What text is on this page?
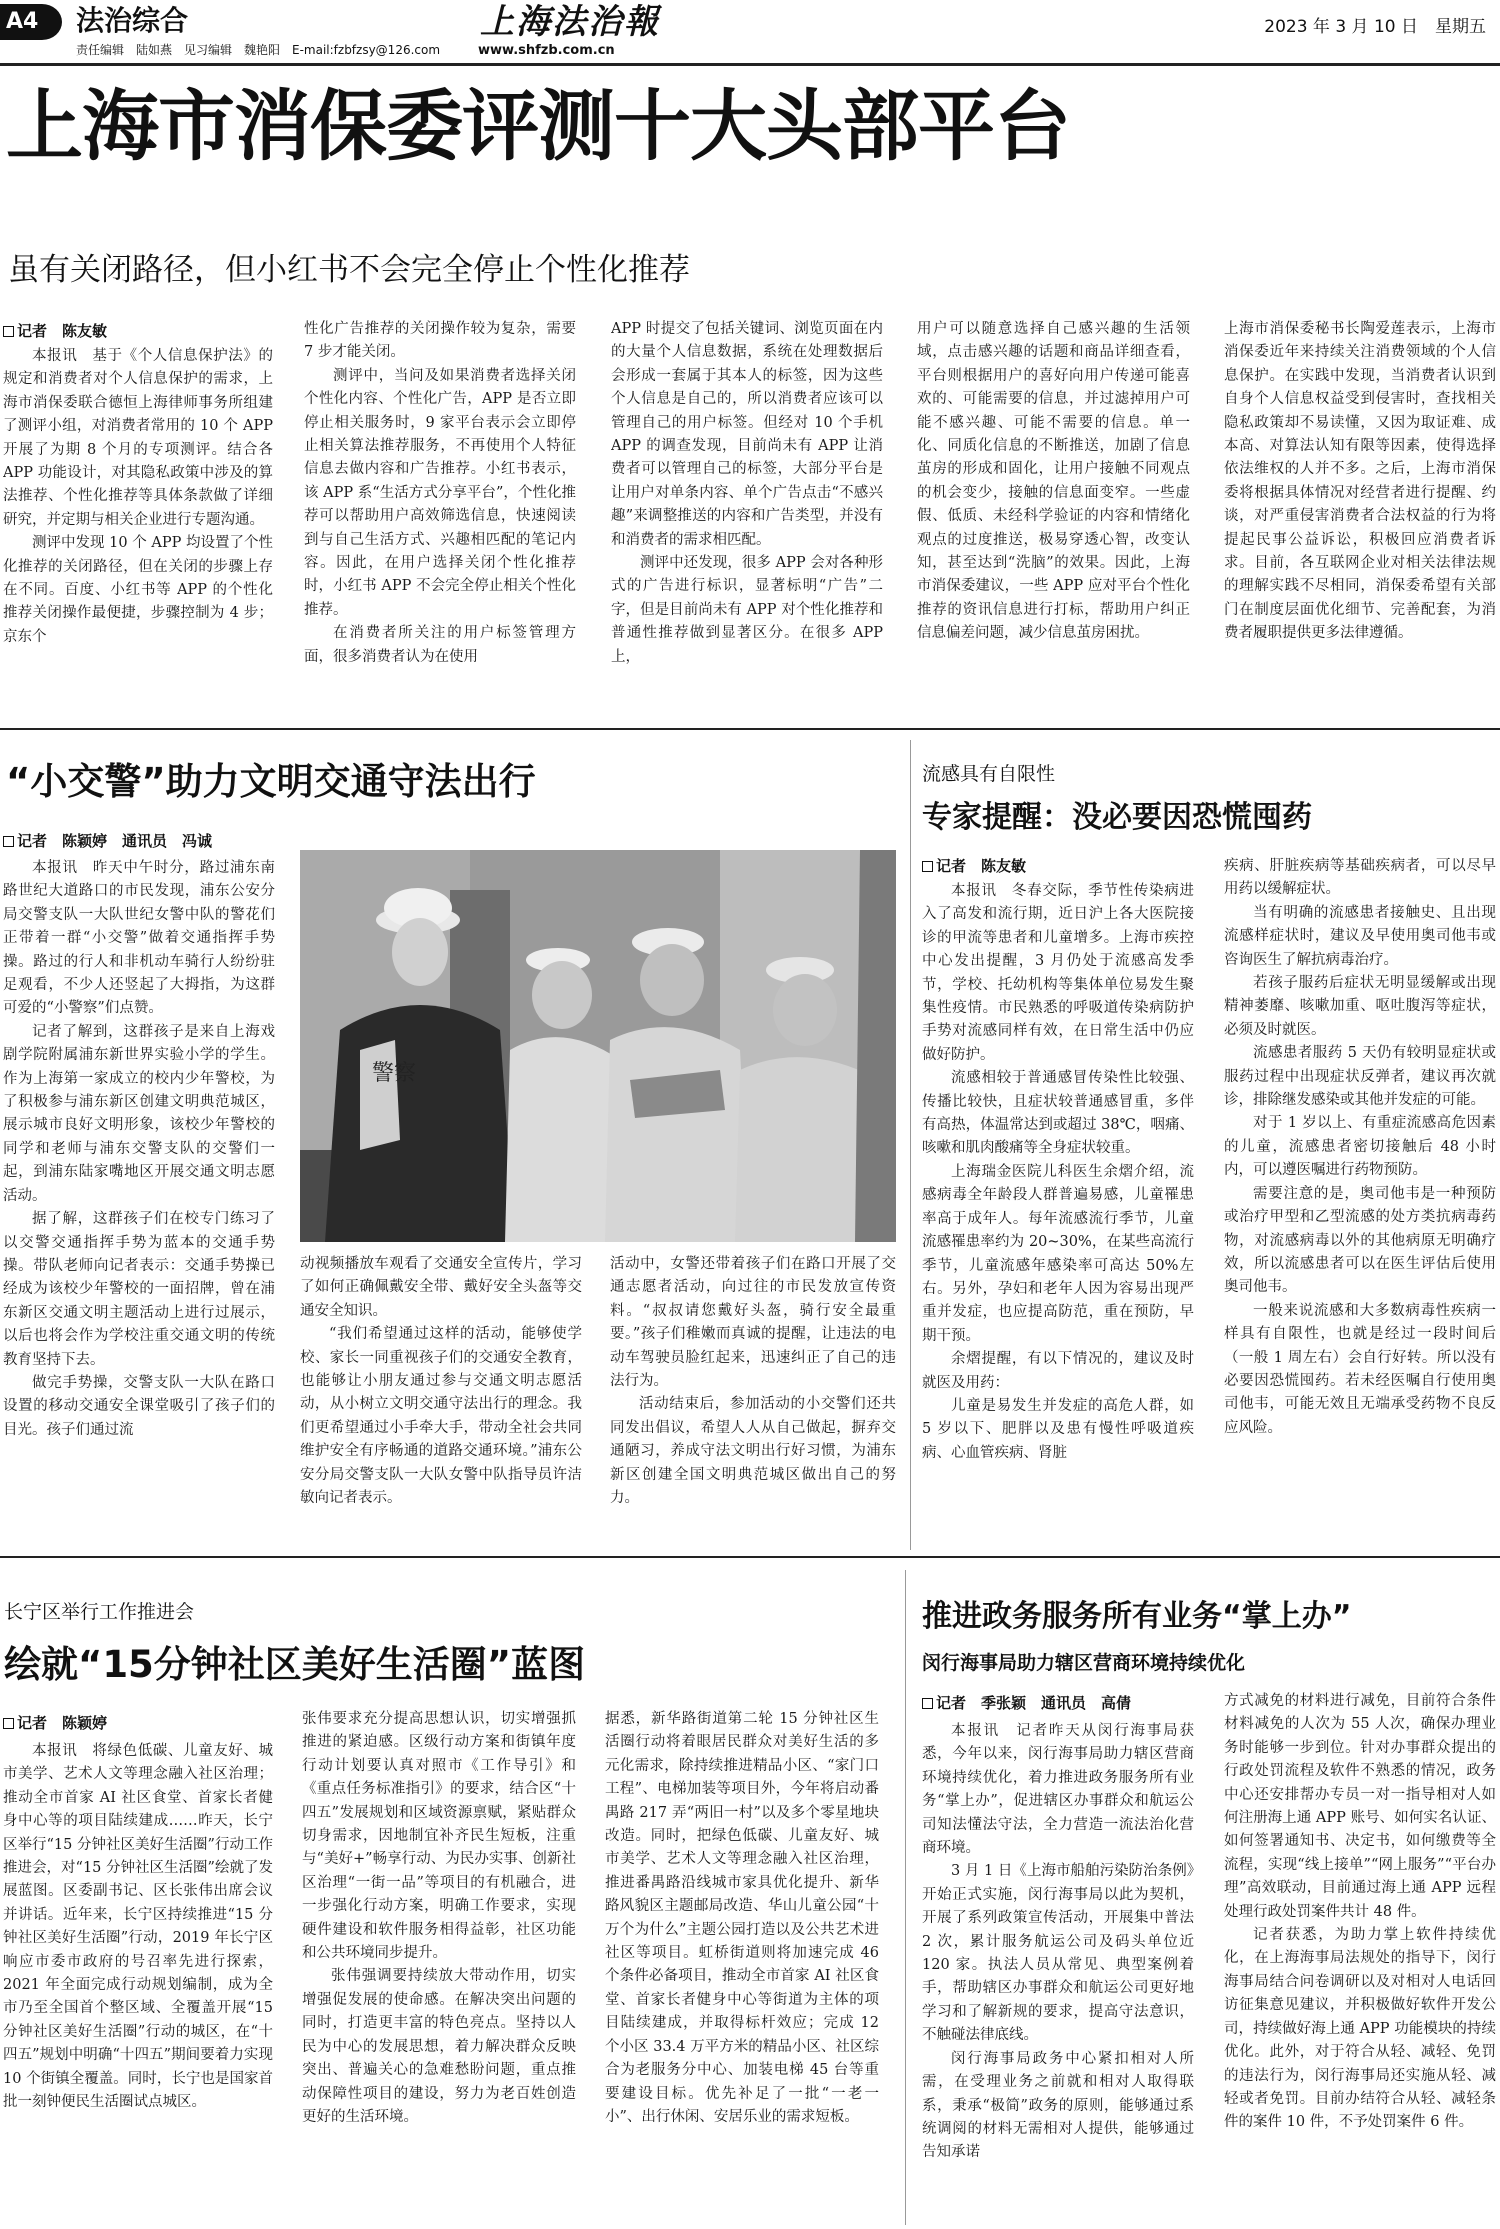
A4 法治综合
责任编辑　陆如燕　见习编辑　魏艳阳　E-mail:fzbfzsy@126.com
上海法治報
www.shfzb.com.cn
2023 年 3 月 10 日　星期五
上海市消保委评测十大头部平台
虽有关闭路径，但小红书不会完全停止个性化推荐
记者　陈友敏

本报讯　基于《个人信息保护法》的规定和消费者对个人信息保护的需求，上海市消保委联合德恒上海律师事务所组建了测评小组，对消费者常用的 10 个 APP 开展了为期 8 个月的专项测评。结合各 APP 功能设计，对其隐私政策中涉及的算法推荐、个性化推荐等具体条款做了详细研究，并定期与相关企业进行专题沟通。

测评中发现 10 个 APP 均设置了个性化推荐的关闭路径，但在关闭的步骤上存在不同。百度、小红书等 APP 的个性化推荐关闭操作最便捷，步骤控制为 4 步；京东个

性化广告推荐的关闭操作较为复杂，需要 7 步才能关闭。

测评中，当问及如果消费者选择关闭个性化内容、个性化广告，APP 是否立即停止相关服务时，9 家平台表示会立即停止相关算法推荐服务，不再使用个人特征信息去做内容和广告推荐。小红书表示，该 APP 系“生活方式分享平台”，个性化推荐可以帮助用户高效筛选信息，快速阅读到与自己生活方式、兴趣相匹配的笔记内容。因此，在用户选择关闭个性化推荐时，小红书 APP 不会完全停止相关个性化推荐。

在消费者所关注的用户标签管理方面，很多消费者认为在使用

APP 时提交了包括关键词、浏览页面在内的大量个人信息数据，系统在处理数据后会形成一套属于其本人的标签，因为这些个人信息是自己的，所以消费者应该可以管理自己的用户标签。但经对 10 个手机 APP 的调查发现，目前尚未有 APP 让消费者可以管理自己的标签，大部分平台是让用户对单条内容、单个广告点击“不感兴趣”来调整推送的内容和广告类型，并没有和消费者的需求相匹配。

测评中还发现，很多 APP 会对各种形式的广告进行标识，显著标明“广告”二字，但是目前尚未有 APP 对个性化推荐和普通性推荐做到显著区分。在很多 APP 上，

用户可以随意选择自己感兴趣的生活领域，点击感兴趣的话题和商品详细查看，平台则根据用户的喜好向用户传递可能喜欢的、可能需要的信息，并过滤掉用户可能不感兴趣、可能不需要的信息。单一化、同质化信息的不断推送，加剧了信息茧房的形成和固化，让用户接触不同观点的机会变少，接触的信息面变窄。一些虚假、低质、未经科学验证的内容和情绪化观点的过度推送，极易穿透心智，改变认知，甚至达到“洗脑”的效果。因此，上海市消保委建议，一些 APP 应对平台个性化推荐的资讯信息进行打标，帮助用户纠正信息偏差问题，减少信息茧房困扰。

上海市消保委秘书长陶爱莲表示，上海市消保委近年来持续关注消费领域的个人信息保护。在实践中发现，当消费者认识到自身个人信息权益受到侵害时，查找相关隐私政策却不易读懂，又因为取证难、成本高、对算法认知有限等因素，使得选择依法维权的人并不多。之后，上海市消保委将根据具体情况对经营者进行提醒、约谈，对严重侵害消费者合法权益的行为将提起民事公益诉讼，积极回应消费者诉求。目前，各互联网企业对相关法律法规的理解实践不尽相同，消保委希望有关部门在制度层面优化细节、完善配套，为消费者履职提供更多法律遵循。

“小交警”助力文明交通守法出行
记者　陈颖婷　通讯员　冯诚

本报讯　昨天中午时分，路过浦东南路世纪大道路口的市民发现，浦东公安分局交警支队一大队世纪女警中队的警花们正带着一群“小交警”做着交通指挥手势操。路过的行人和非机动车骑行人纷纷驻足观看，不少人还竖起了大拇指，为这群可爱的“小警察”们点赞。

记者了解到，这群孩子是来自上海戏剧学院附属浦东新世界实验小学的学生。作为上海第一家成立的校内少年警校，为了积极参与浦东新区创建文明典范城区，展示城市良好文明形象，该校少年警校的同学和老师与浦东交警支队的交警们一起，到浦东陆家嘴地区开展交通文明志愿活动。

据了解，这群孩子们在校专门练习了以交警交通指挥手势为蓝本的交通手势操。带队老师向记者表示：交通手势操已经成为该校少年警校的一面招牌，曾在浦东新区交通文明主题活动上进行过展示，以后也将会作为学校注重交通文明的传统教育坚持下去。

做完手势操，交警支队一大队在路口设置的移动交通安全课堂吸引了孩子们的目光。孩子们通过流

警察

动视频播放车观看了交通安全宣传片，学习了如何正确佩戴安全带、戴好安全头盔等交通安全知识。

“我们希望通过这样的活动，能够使学校、家长一同重视孩子们的交通安全教育，也能够让小朋友通过参与交通文明志愿活动，从小树立文明交通守法出行的理念。我们更希望通过小手牵大手，带动全社会共同维护安全有序畅通的道路交通环境。”浦东公安分局交警支队一大队女警中队指导员许洁敏向记者表示。

活动中，女警还带着孩子们在路口开展了交通志愿者活动，向过往的市民发放宣传资料。“叔叔请您戴好头盔，骑行安全最重要。”孩子们稚嫩而真诚的提醒，让违法的电动车驾驶员脸红起来，迅速纠正了自己的违法行为。

活动结束后，参加活动的小交警们还共同发出倡议，希望人人从自己做起，摒弃交通陋习，养成守法文明出行好习惯，为浦东新区创建全国文明典范城区做出自己的努力。

流感具有自限性
专家提醒：没必要因恐慌囤药
记者　陈友敏

本报讯　冬春交际，季节性传染病进入了高发和流行期，近日沪上各大医院接诊的甲流等患者和儿童增多。上海市疾控中心发出提醒，3 月仍处于流感高发季节，学校、托幼机构等集体单位易发生聚集性疫情。市民熟悉的呼吸道传染病防护手势对流感同样有效，在日常生活中仍应做好防护。

流感相较于普通感冒传染性比较强、传播比较快，且症状较普通感冒重，多伴有高热，体温常达到或超过 38℃，咽痛、咳嗽和肌肉酸痛等全身症状较重。

上海瑞金医院儿科医生余熠介绍，流感病毒全年龄段人群普遍易感，儿童罹患率高于成年人。每年流感流行季节，儿童流感罹患率约为 20~30%，在某些高流行季节，儿童流感年感染率可高达 50%左右。另外，孕妇和老年人因为容易出现严重并发症，也应提高防范，重在预防，早期干预。

余熠提醒，有以下情况的，建议及时就医及用药：

儿童是易发生并发症的高危人群，如 5 岁以下、肥胖以及患有慢性呼吸道疾病、心血管疾病、肾脏

疾病、肝脏疾病等基础疾病者，可以尽早用药以缓解症状。

当有明确的流感患者接触史、且出现流感样症状时，建议及早使用奥司他韦或咨询医生了解抗病毒治疗。

若孩子服药后症状无明显缓解或出现精神萎靡、咳嗽加重、呕吐腹泻等症状，必须及时就医。

流感患者服药 5 天仍有较明显症状或服药过程中出现症状反弹者，建议再次就诊，排除继发感染或其他并发症的可能。

对于 1 岁以上、有重症流感高危因素的儿童，流感患者密切接触后 48 小时内，可以遵医嘱进行药物预防。

需要注意的是，奥司他韦是一种预防或治疗甲型和乙型流感的处方类抗病毒药物，对流感病毒以外的其他病原无明确疗效，所以流感患者可以在医生评估后使用奥司他韦。

一般来说流感和大多数病毒性疾病一样具有自限性，也就是经过一段时间后（一般 1 周左右）会自行好转。所以没有必要因恐慌囤药。若未经医嘱自行使用奥司他韦，可能无效且无端承受药物不良反应风险。

长宁区举行工作推进会
绘就“15分钟社区美好生活圈”蓝图
记者　陈颖婷

本报讯　将绿色低碳、儿童友好、城市美学、艺术人文等理念融入社区治理；推动全市首家 AI 社区食堂、首家长者健身中心等的项目陆续建成……昨天，长宁区举行“15 分钟社区美好生活圈”行动工作推进会，对“15 分钟社区生活圈”绘就了发展蓝图。区委副书记、区长张伟出席会议并讲话。近年来，长宁区持续推进“15 分钟社区美好生活圈”行动，2019 年长宁区响应市委市政府的号召率先进行探索，2021 年全面完成行动规划编制，成为全市乃至全国首个整区域、全覆盖开展“15 分钟社区美好生活圈”行动的城区，在“十四五”规划中明确“十四五”期间要着力实现 10 个街镇全覆盖。同时，长宁也是国家首批一刻钟便民生活圈试点城区。

张伟要求充分提高思想认识，切实增强抓推进的紧迫感。区级行动方案和街镇年度行动计划要认真对照市《工作导引》和《重点任务标准指引》的要求，结合区“十四五”发展规划和区域资源禀赋，紧贴群众切身需求，因地制宜补齐民生短板，注重与“美好+”畅享行动、为民办实事、创新社区治理“一街一品”等项目的有机融合，进一步强化行动方案，明确工作要求，实现硬件建设和软件服务相得益彰，社区功能和公共环境同步提升。

张伟强调要持续放大带动作用，切实增强促发展的使命感。在解决突出问题的同时，打造更丰富的特色亮点。坚持以人民为中心的发展思想，着力解决群众反映突出、普遍关心的急难愁盼问题，重点推动保障性项目的建设，努力为老百姓创造更好的生活环境。

据悉，新华路街道第二轮 15 分钟社区生活圈行动将着眼居民群众对美好生活的多元化需求，除持续推进精品小区、“家门口工程”、电梯加装等项目外，今年将启动番禺路 217 弄“两旧一村”以及多个零星地块改造。同时，把绿色低碳、儿童友好、城市美学、艺术人文等理念融入社区治理，推进番禺路沿线城市家具优化提升、新华路风貌区主题邮局改造、华山儿童公园“十万个为什么”主题公园打造以及公共艺术进社区等项目。虹桥街道则将加速完成 46 个条件必备项目，推动全市首家 AI 社区食堂、首家长者健身中心等街道为主体的项目陆续建成，并取得标杆效应；完成 12 个小区 33.4 万平方米的精品小区、社区综合为老服务分中心、加装电梯 45 台等重要建设目标。优先补足了一批“一老一小”、出行休闲、安居乐业的需求短板。

推进政务服务所有业务“掌上办”
闵行海事局助力辖区营商环境持续优化
记者　季张颖　通讯员　高倩

本报讯　记者昨天从闵行海事局获悉，今年以来，闵行海事局助力辖区营商环境持续优化，着力推进政务服务所有业务“掌上办”，促进辖区办事群众和航运公司知法懂法守法，全力营造一流法治化营商环境。

3 月 1 日《上海市船舶污染防治条例》开始正式实施，闵行海事局以此为契机，开展了系列政策宣传活动，开展集中普法 2 次，累计服务航运公司及码头单位近 120 家。执法人员从常见、典型案例着手，帮助辖区办事群众和航运公司更好地学习和了解新规的要求，提高守法意识，不触碰法律底线。

闵行海事局政务中心紧扣相对人所需，在受理业务之前就和相对人取得联系，秉承“极简”政务的原则，能够通过系统调阅的材料无需相对人提供，能够通过告知承诺

方式减免的材料进行减免，目前符合条件材料减免的人次为 55 人次，确保办理业务时能够一步到位。针对办事群众提出的行政处罚流程及软件不熟悉的情况，政务中心还安排帮办专员一对一指导相对人如何注册海上通 APP 账号、如何实名认证、如何签署通知书、决定书，如何缴费等全流程，实现“线上接单”“网上服务”“平台办理”高效联动，目前通过海上通 APP 远程处理行政处罚案件共计 48 件。

记者获悉，为助力掌上软件持续优化，在上海海事局法规处的指导下，闵行海事局结合问卷调研以及对相对人电话回访征集意见建议，并积极做好软件开发公司，持续做好海上通 APP 功能模块的持续优化。此外，对于符合从轻、减轻、免罚的违法行为，闵行海事局还实施从轻、减轻或者免罚。目前办结符合从轻、减轻条件的案件 10 件，不予处罚案件 6 件。
